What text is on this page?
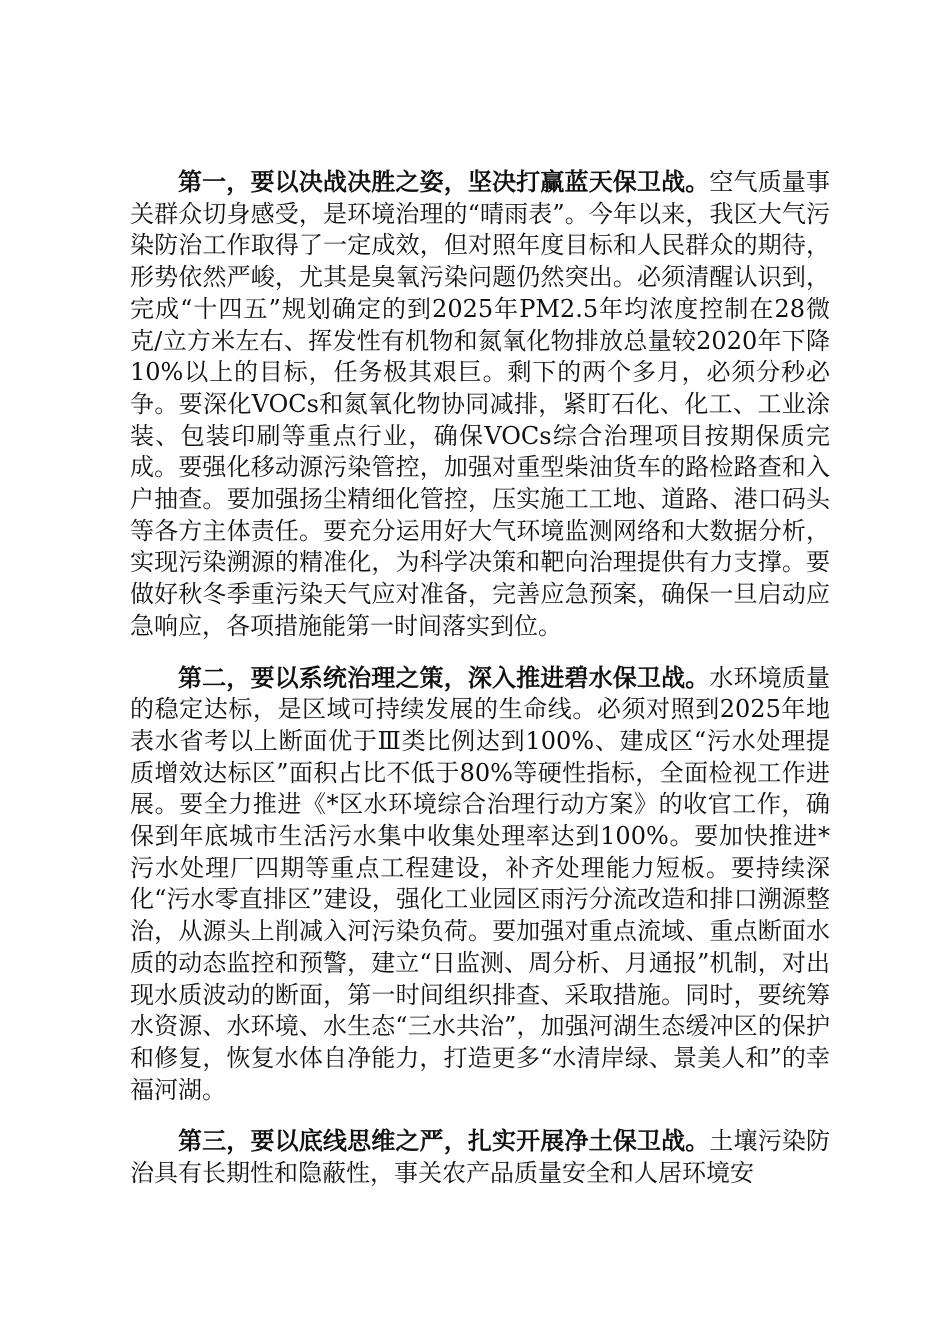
第一，要以决战决胜之姿，坚决打赢蓝天保卫战。空气质量事关群众切身感受，是环境治理的“晴雨表”。今年以来，我区大气污染防治工作取得了一定成效，但对照年度目标和人民群众的期待，形势依然严峻，尤其是臭氧污染问题仍然突出。必须清醒认识到，完成“十四五”规划确定的到2025年PM2.5年均浓度控制在28微克/立方米左右、挥发性有机物和氮氧化物排放总量较2020年下降10%以上的目标，任务极其艰巨。剩下的两个多月，必须分秒必争。要深化VOCs和氮氧化物协同减排，紧盯石化、化工、工业涂装、包装印刷等重点行业，确保VOCs综合治理项目按期保质完成。要强化移动源污染管控，加强对重型柴油货车的路检路查和入户抽查。要加强扬尘精细化管控，压实施工工地、道路、港口码头等各方主体责任。要充分运用好大气环境监测网络和大数据分析，实现污染溯源的精准化，为科学决策和靶向治理提供有力支撑。要做好秋冬季重污染天气应对准备，完善应急预案，确保一旦启动应急响应，各项措施能第一时间落实到位。

第二，要以系统治理之策，深入推进碧水保卫战。水环境质量的稳定达标，是区域可持续发展的生命线。必须对照到2025年地表水省考以上断面优于Ⅲ类比例达到100%、建成区“污水处理提质增效达标区”面积占比不低于80%等硬性指标，全面检视工作进展。要全力推进《*区水环境综合治理行动方案》的收官工作，确保到年底城市生活污水集中收集处理率达到100%。要加快推进*污水处理厂四期等重点工程建设，补齐处理能力短板。要持续深化“污水零直排区”建设，强化工业园区雨污分流改造和排口溯源整治，从源头上削减入河污染负荷。要加强对重点流域、重点断面水质的动态监控和预警，建立“日监测、周分析、月通报”机制，对出现水质波动的断面，第一时间组织排查、采取措施。同时，要统筹水资源、水环境、水生态“三水共治”，加强河湖生态缓冲区的保护和修复，恢复水体自净能力，打造更多“水清岸绿、景美人和”的幸福河湖。

第三，要以底线思维之严，扎实开展净土保卫战。土壤污染防治具有长期性和隐蔽性，事关农产品质量安全和人居环境安
